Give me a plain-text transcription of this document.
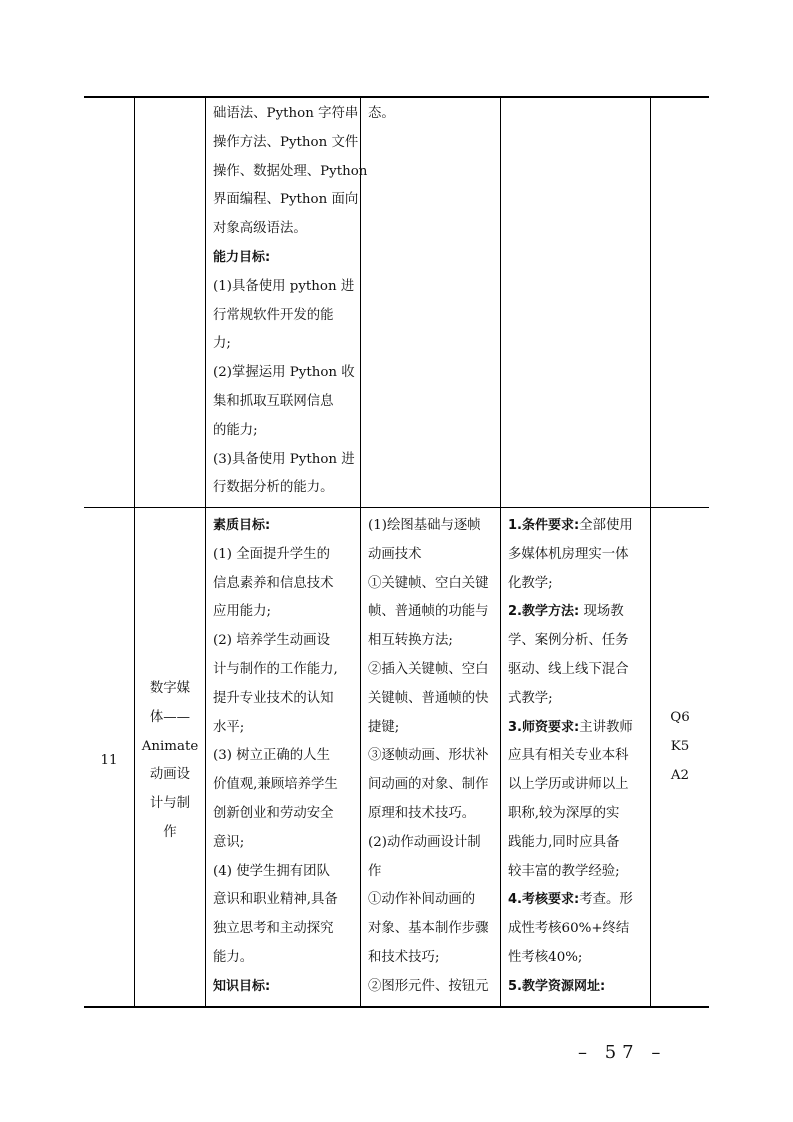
础语法、Python 字符串
操作方法、Python 文件
操作、数据处理、Python
界面编程、Python 面向
对象高级语法。
能力目标:
(1)具备使用 python 进
行常规软件开发的能
力;
(2)掌握运用 Python 收
集和抓取互联网信息
的能力;
(3)具备使用 Python 进
行数据分析的能力。
态。
11
数字媒
体——
Animate
动画设
计与制
作
素质目标:
(1) 全面提升学生的
信息素养和信息技术
应用能力;
(2) 培养学生动画设
计与制作的工作能力,
提升专业技术的认知
水平;
(3) 树立正确的人生
价值观,兼顾培养学生
创新创业和劳动安全
意识;
(4) 使学生拥有团队
意识和职业精神,具备
独立思考和主动探究
能力。
知识目标:
(1)绘图基础与逐帧
动画技术
①关键帧、空白关键
帧、普通帧的功能与
相互转换方法;
②插入关键帧、空白
关键帧、普通帧的快
捷键;
③逐帧动画、形状补
间动画的对象、制作
原理和技术技巧。
(2)动作动画设计制
作
①动作补间动画的
对象、基本制作步骤
和技术技巧;
②图形元件、按钮元
1.条件要求:全部使用
多媒体机房理实一体
化教学;
2.教学方法: 现场教
学、案例分析、任务
驱动、线上线下混合
式教学;
3.师资要求:主讲教师
应具有相关专业本科
以上学历或讲师以上
职称,较为深厚的实
践能力,同时应具备
较丰富的教学经验;
4.考核要求:考查。形
成性考核60%+终结
性考核40%;
5.教学资源网址:
Q6
K5
A2
– 57 –
